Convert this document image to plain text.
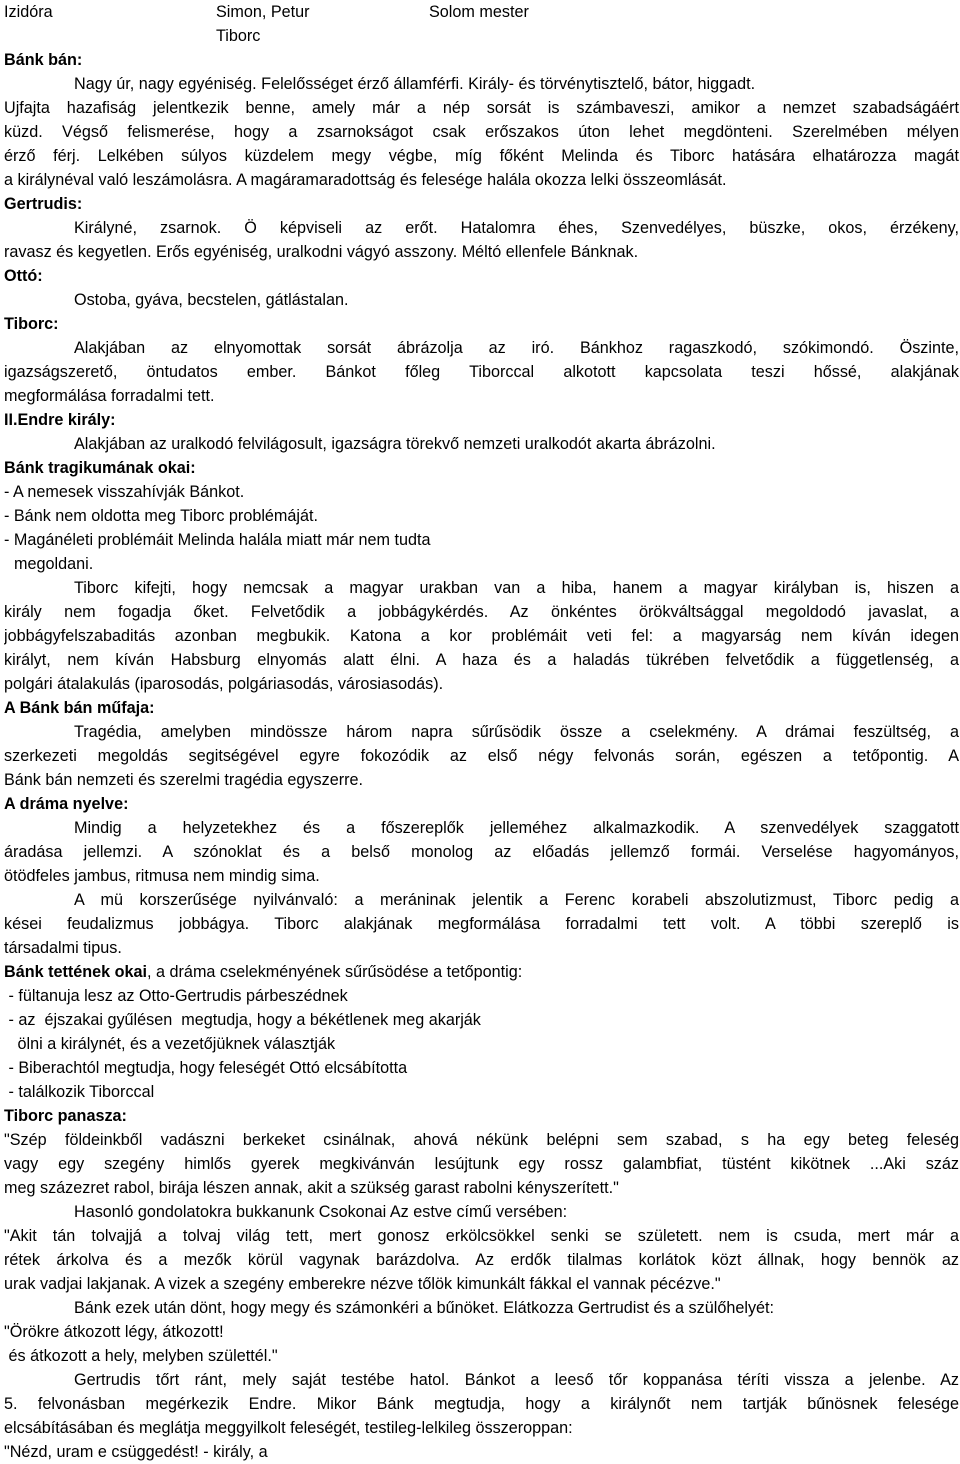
Izidóra	Simon, Petur	Solom mester
Tiborc
Bánk bán:
Nagy úr, nagy egyéniség. Felelősséget érző államférfi. Király- és törvénytisztelő, bátor, higgadt.
Ujfajta hazafiság jelentkezik benne, amely már a nép sorsát is számbaveszi, amikor a nemzet szabadságáért
küzd. Végső felismerése, hogy a zsarnokságot csak erőszakos úton lehet megdönteni. Szerelmében mélyen
érző férj. Lelkében súlyos küzdelem megy végbe, míg főként Melinda és Tiborc hatására elhatározza magát
a királynéval való leszámolásra. A magáramaradottság és felesége halála okozza lelki összeomlását.
Gertrudis:
Királyné, zsarnok. Ö képviseli az erőt. Hatalomra éhes, Szenvedélyes, büszke, okos, érzékeny,
ravasz és kegyetlen. Erős egyéniség, uralkodni vágyó asszony. Méltó ellenfele Bánknak.
Ottó:
Ostoba, gyáva, becstelen, gátlástalan.
Tiborc:
Alakjában az elnyomottak sorsát ábrázolja az iró. Bánkhoz ragaszkodó, szókimondó. Öszinte,
igazságszerető, öntudatos ember. Bánkot főleg Tiborccal alkotott kapcsolata teszi hőssé, alakjának
megformálása forradalmi tett.
II.Endre király:
Alakjában az uralkodó felvilágosult, igazságra törekvő nemzeti uralkodót akarta ábrázolni.
Bánk tragikumának okai:
- A nemesek visszahívják Bánkot.
- Bánk nem oldotta meg Tiborc problémáját.
- Magánéleti problémáit Melinda halála miatt már nem tudta
megoldani.
Tiborc kifejti, hogy nemcsak a magyar urakban van a hiba, hanem a magyar királyban is, hiszen a
király nem fogadja őket. Felvetődik a jobbágykérdés. Az önkéntes örökváltsággal megoldodó javaslat, a
jobbágyfelszabaditás azonban megbukik. Katona a kor problémáit veti fel: a magyarság nem kíván idegen
királyt, nem kíván Habsburg elnyomás alatt élni. A haza és a haladás tükrében felvetődik a függetlenség, a
polgári átalakulás (iparosodás, polgáriasodás, városiasodás).
A Bánk bán műfaja:
Tragédia, amelyben mindössze három napra sűrűsödik össze a cselekmény. A drámai feszültség, a
szerkezeti megoldás segitségével egyre fokozódik az első négy felvonás során, egészen a tetőpontig. A
Bánk bán nemzeti és szerelmi tragédia egyszerre.
A dráma nyelve:
Mindig a helyzetekhez és a főszereplők jelleméhez alkalmazkodik. A szenvedélyek szaggatott
áradása jellemzi. A szónoklat és a belső monolog az előadás jellemző formái. Verselése hagyományos,
ötödfeles jambus, ritmusa nem mindig sima.
A mü korszerűsége nyilvánvaló: a meráninak jelentik a Ferenc korabeli abszolutizmust, Tiborc pedig a
kései feudalizmus jobbágya. Tiborc alakjának megformálása forradalmi tett volt. A többi szereplő is
társadalmi tipus.
Bánk tettének okai, a dráma cselekményének sűrűsödése a tetőpontig:
- fültanuja lesz az Otto-Gertrudis párbeszédnek
- az  éjszakai gyűlésen  megtudja, hogy a békétlenek meg akarják
ölni a királynét, és a vezetőjüknek választják
- Biberachtól megtudja, hogy feleségét Ottó elcsábította
- találkozik Tiborccal
Tiborc panasza:
"Szép földeinkből vadászni berkeket csinálnak, ahová nékünk belépni sem szabad, s ha egy beteg feleség
vagy egy szegény himlős gyerek megkivánván lesújtunk egy rossz galambfiat, tüstént kikötnek ...Aki száz
meg százezret rabol, birája lészen annak, akit a szükség garast rabolni kényszerített."
Hasonló gondolatokra bukkanunk Csokonai Az estve című versében:
"Akit tán tolvajjá a tolvaj világ tett, mert gonosz erkölcsökkel senki se született. nem is csuda, mert már a
rétek árkolva és a mezők körül vagynak barázdolva. Az erdők tilalmas korlátok közt állnak, hogy bennök az
urak vadjai lakjanak. A vizek a szegény emberekre nézve tőlök kimunkált fákkal el vannak pécézve."
Bánk ezek után dönt, hogy megy és számonkéri a bűnöket. Elátkozza Gertrudist és a szülőhelyét:
"Örökre átkozott légy, átkozott!
és átkozott a hely, melyben születtél."
Gertrudis tőrt ránt, mely saját testébe hatol. Bánkot a leeső tőr koppanása téríti vissza a jelenbe. Az
5. felvonásban megérkezik Endre. Mikor Bánk megtudja, hogy a királynőt nem tartják bűnösnek felesége
elcsábításában és meglátja meggyilkolt feleségét, testileg-lelkileg összeroppan:
"Nézd, uram e csüggedést! - király, a
